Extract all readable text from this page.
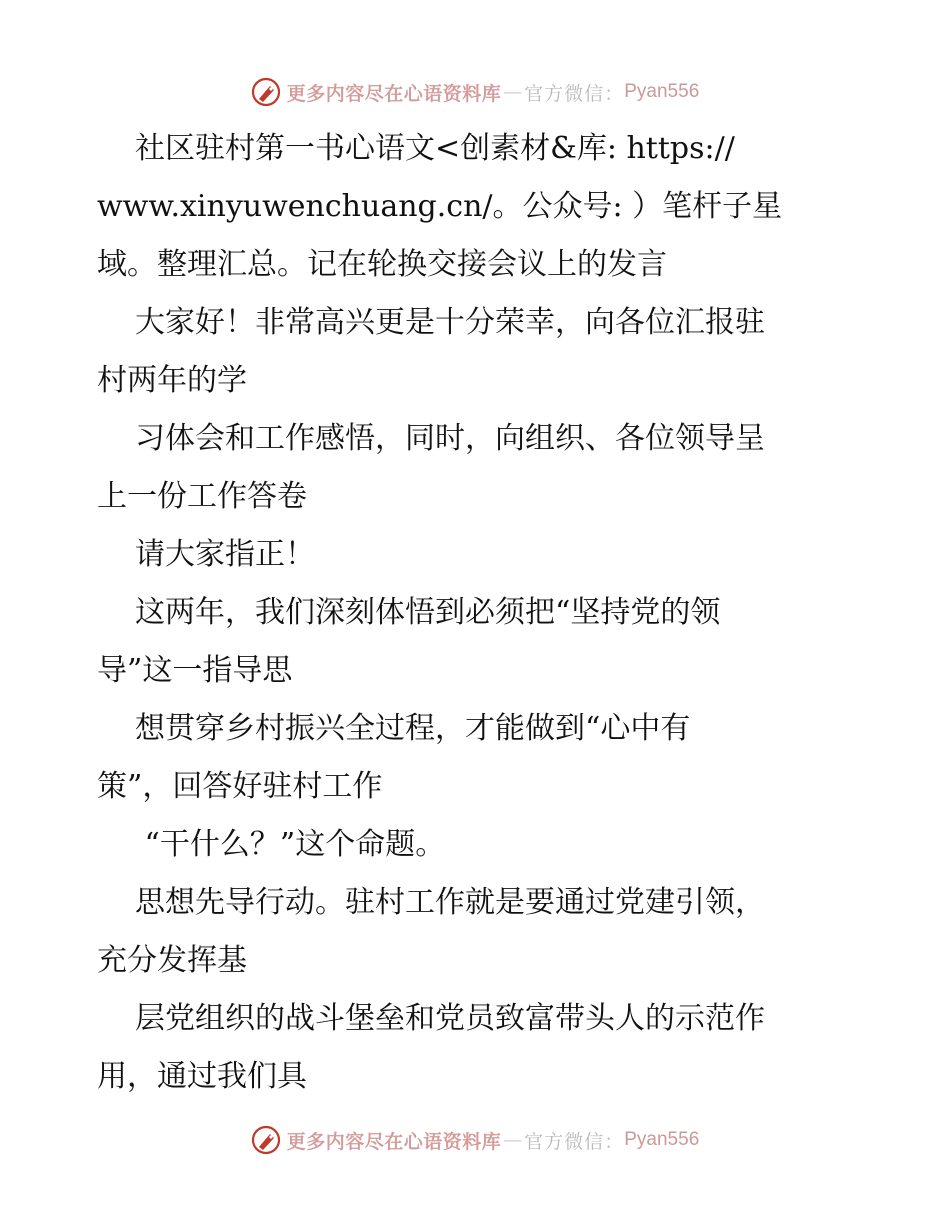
更多内容尽在心语资料库 — 官方微信： Pyan556

社区驻村第一书心语文<创素材&库: https://
www.xinyuwenchuang.cn/。公众号: ）笔杆子星
域。整理汇总。记在轮换交接会议上的发言

大家好！非常高兴更是十分荣幸，向各位汇报驻
村两年的学

习体会和工作感悟，同时，向组织、各位领导呈
上一份工作答卷

请大家指正！

这两年，我们深刻体悟到必须把“坚持党的领
导”这一指导思

想贯穿乡村振兴全过程，才能做到“心中有
策”，回答好驻村工作

“干什么？”这个命题。

思想先导行动。驻村工作就是要通过党建引领，
充分发挥基

层党组织的战斗堡垒和党员致富带头人的示范作
用，通过我们具

更多内容尽在心语资料库 — 官方微信： Pyan556
